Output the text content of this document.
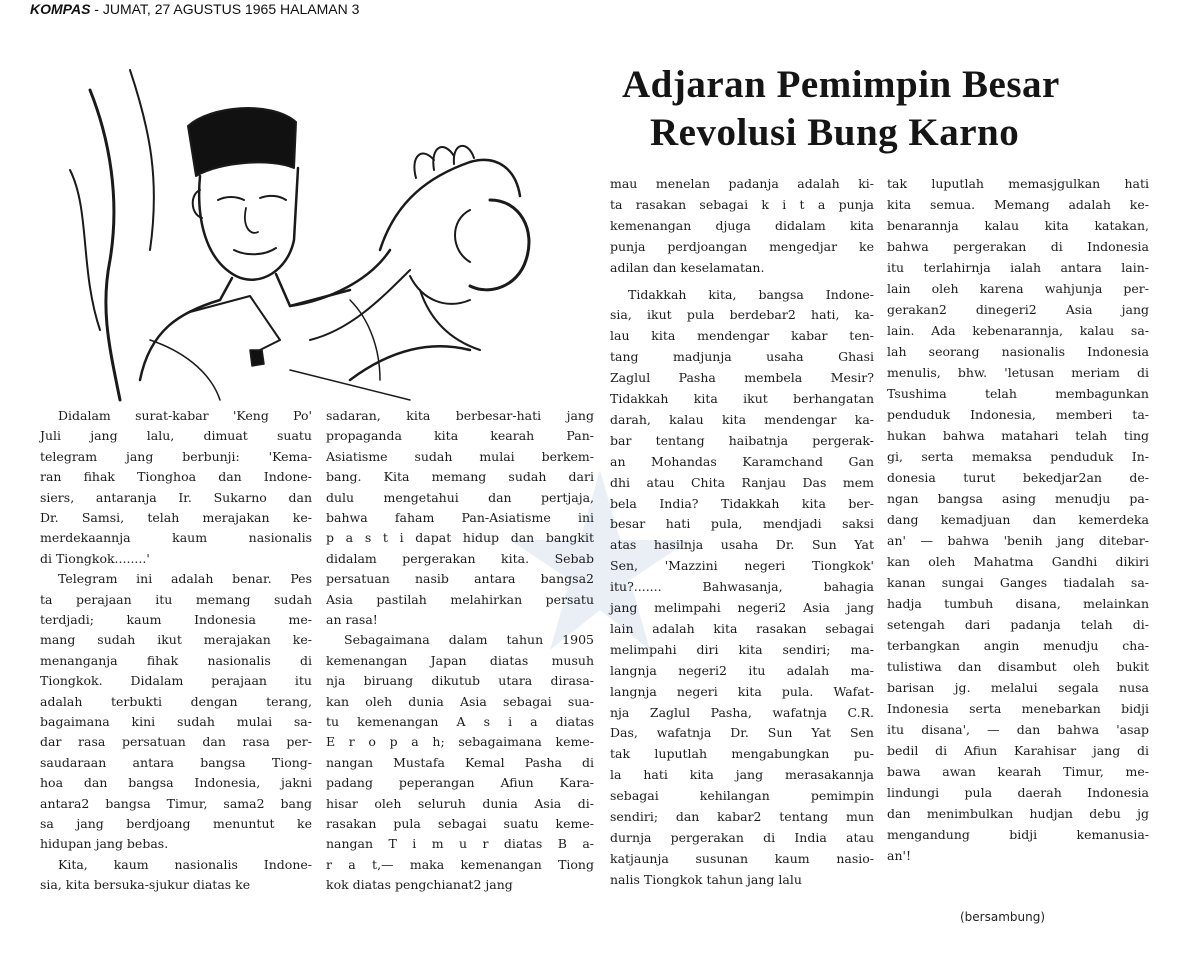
KOMPAS - JUMAT, 27 AGUSTUS 1965 HALAMAN 3
Adjaran Pemimpin Besar
Revolusi Bung Karno
Didalam surat-kabar 'Keng Po'
Juli jang lalu, dimuat suatu
telegram jang berbunji: 'Kema-
ran fihak Tionghoa dan Indone-
siers, antaranja Ir. Sukarno dan
Dr. Samsi, telah merajakan ke-
merdekaannja kaum nasionalis
di Tiongkok........'
Telegram ini adalah benar. Pes
ta perajaan itu memang sudah
terdjadi; kaum Indonesia me-
mang sudah ikut merajakan ke-
menanganja fihak nasionalis di
Tiongkok. Didalam perajaan itu
adalah terbukti dengan terang,
bagaimana kini sudah mulai sa-
dar rasa persatuan dan rasa per-
saudaraan antara bangsa Tiong-
hoa dan bangsa Indonesia, jakni
antara2 bangsa Timur, sama2 bang
sa jang berdjoang menuntut ke
hidupan jang bebas.
Kita, kaum nasionalis Indone-
sia, kita bersuka-sjukur diatas ke
sadaran, kita berbesar-hati jang
propaganda kita kearah Pan-
Asiatisme sudah mulai berkem-
bang. Kita memang sudah dari
dulu mengetahui dan pertjaja,
bahwa faham Pan-Asiatisme ini
p a s t i dapat hidup dan bangkit
didalam pergerakan kita. Sebab
persatuan nasib antara bangsa2
Asia pastilah melahirkan persatu
an rasa!
Sebagaimana dalam tahun 1905
kemenangan Japan diatas musuh
nja biruang dikutub utara dirasa-
kan oleh dunia Asia sebagai sua-
tu kemenangan A s i a diatas
E r o p a h; sebagaimana keme-
nangan Mustafa Kemal Pasha di
padang peperangan Afiun Kara-
hisar oleh seluruh dunia Asia di-
rasakan pula sebagai suatu keme-
nangan T i m u r diatas B a-
r a t,— maka kemenangan Tiong
kok diatas pengchianat2 jang
mau menelan padanja adalah ki-
ta rasakan sebagai k i t a punja
kemenangan djuga didalam kita
punja perdjoangan mengedjar ke
adilan dan keselamatan.
Tidakkah kita, bangsa Indone-
sia, ikut pula berdebar2 hati, ka-
lau kita mendengar kabar ten-
tang madjunja usaha Ghasi
Zaglul Pasha membela Mesir?
Tidakkah kita ikut berhangatan
darah, kalau kita mendengar ka-
bar tentang haibatnja pergerak-
an Mohandas Karamchand Gan
dhi atau Chita Ranjau Das mem
bela India? Tidakkah kita ber-
besar hati pula, mendjadi saksi
atas hasilnja usaha Dr. Sun Yat
Sen, 'Mazzini negeri Tiongkok'
itu?....... Bahwasanja, bahagia
jang melimpahi negeri2 Asia jang
lain adalah kita rasakan sebagai
melimpahi diri kita sendiri; ma-
langnja negeri2 itu adalah ma-
langnja negeri kita pula. Wafat-
nja Zaglul Pasha, wafatnja C.R.
Das, wafatnja Dr. Sun Yat Sen
tak luputlah mengabungkan pu-
la hati kita jang merasakannja
sebagai kehilangan pemimpin
sendiri; dan kabar2 tentang mun
durnja pergerakan di India atau
katjaunja susunan kaum nasio-
nalis Tiongkok tahun jang lalu
tak luputlah memasjgulkan hati
kita semua. Memang adalah ke-
benarannja kalau kita katakan,
bahwa pergerakan di Indonesia
itu terlahirnja ialah antara lain-
lain oleh karena wahjunja per-
gerakan2 dinegeri2 Asia jang
lain. Ada kebenarannja, kalau sa-
lah seorang nasionalis Indonesia
menulis, bhw. 'letusan meriam di
Tsushima telah membagunkan
penduduk Indonesia, memberi ta-
hukan bahwa matahari telah ting
gi, serta memaksa penduduk In-
donesia turut bekedjar2an de-
ngan bangsa asing menudju pa-
dang kemadjuan dan kemerdeka
an' — bahwa 'benih jang ditebar-
kan oleh Mahatma Gandhi dikiri
kanan sungai Ganges tiadalah sa-
hadja tumbuh disana, melainkan
setengah dari padanja telah di-
terbangkan angin menudju cha-
tulistiwa dan disambut oleh bukit
barisan jg. melalui segala nusa
Indonesia serta menebarkan bidji
itu disana', — dan bahwa 'asap
bedil di Afiun Karahisar jang di
bawa awan kearah Timur, me-
lindungi pula daerah Indonesia
dan menimbulkan hudjan debu jg
mengandung bidji kemanusia-
an'!
(bersambung)
